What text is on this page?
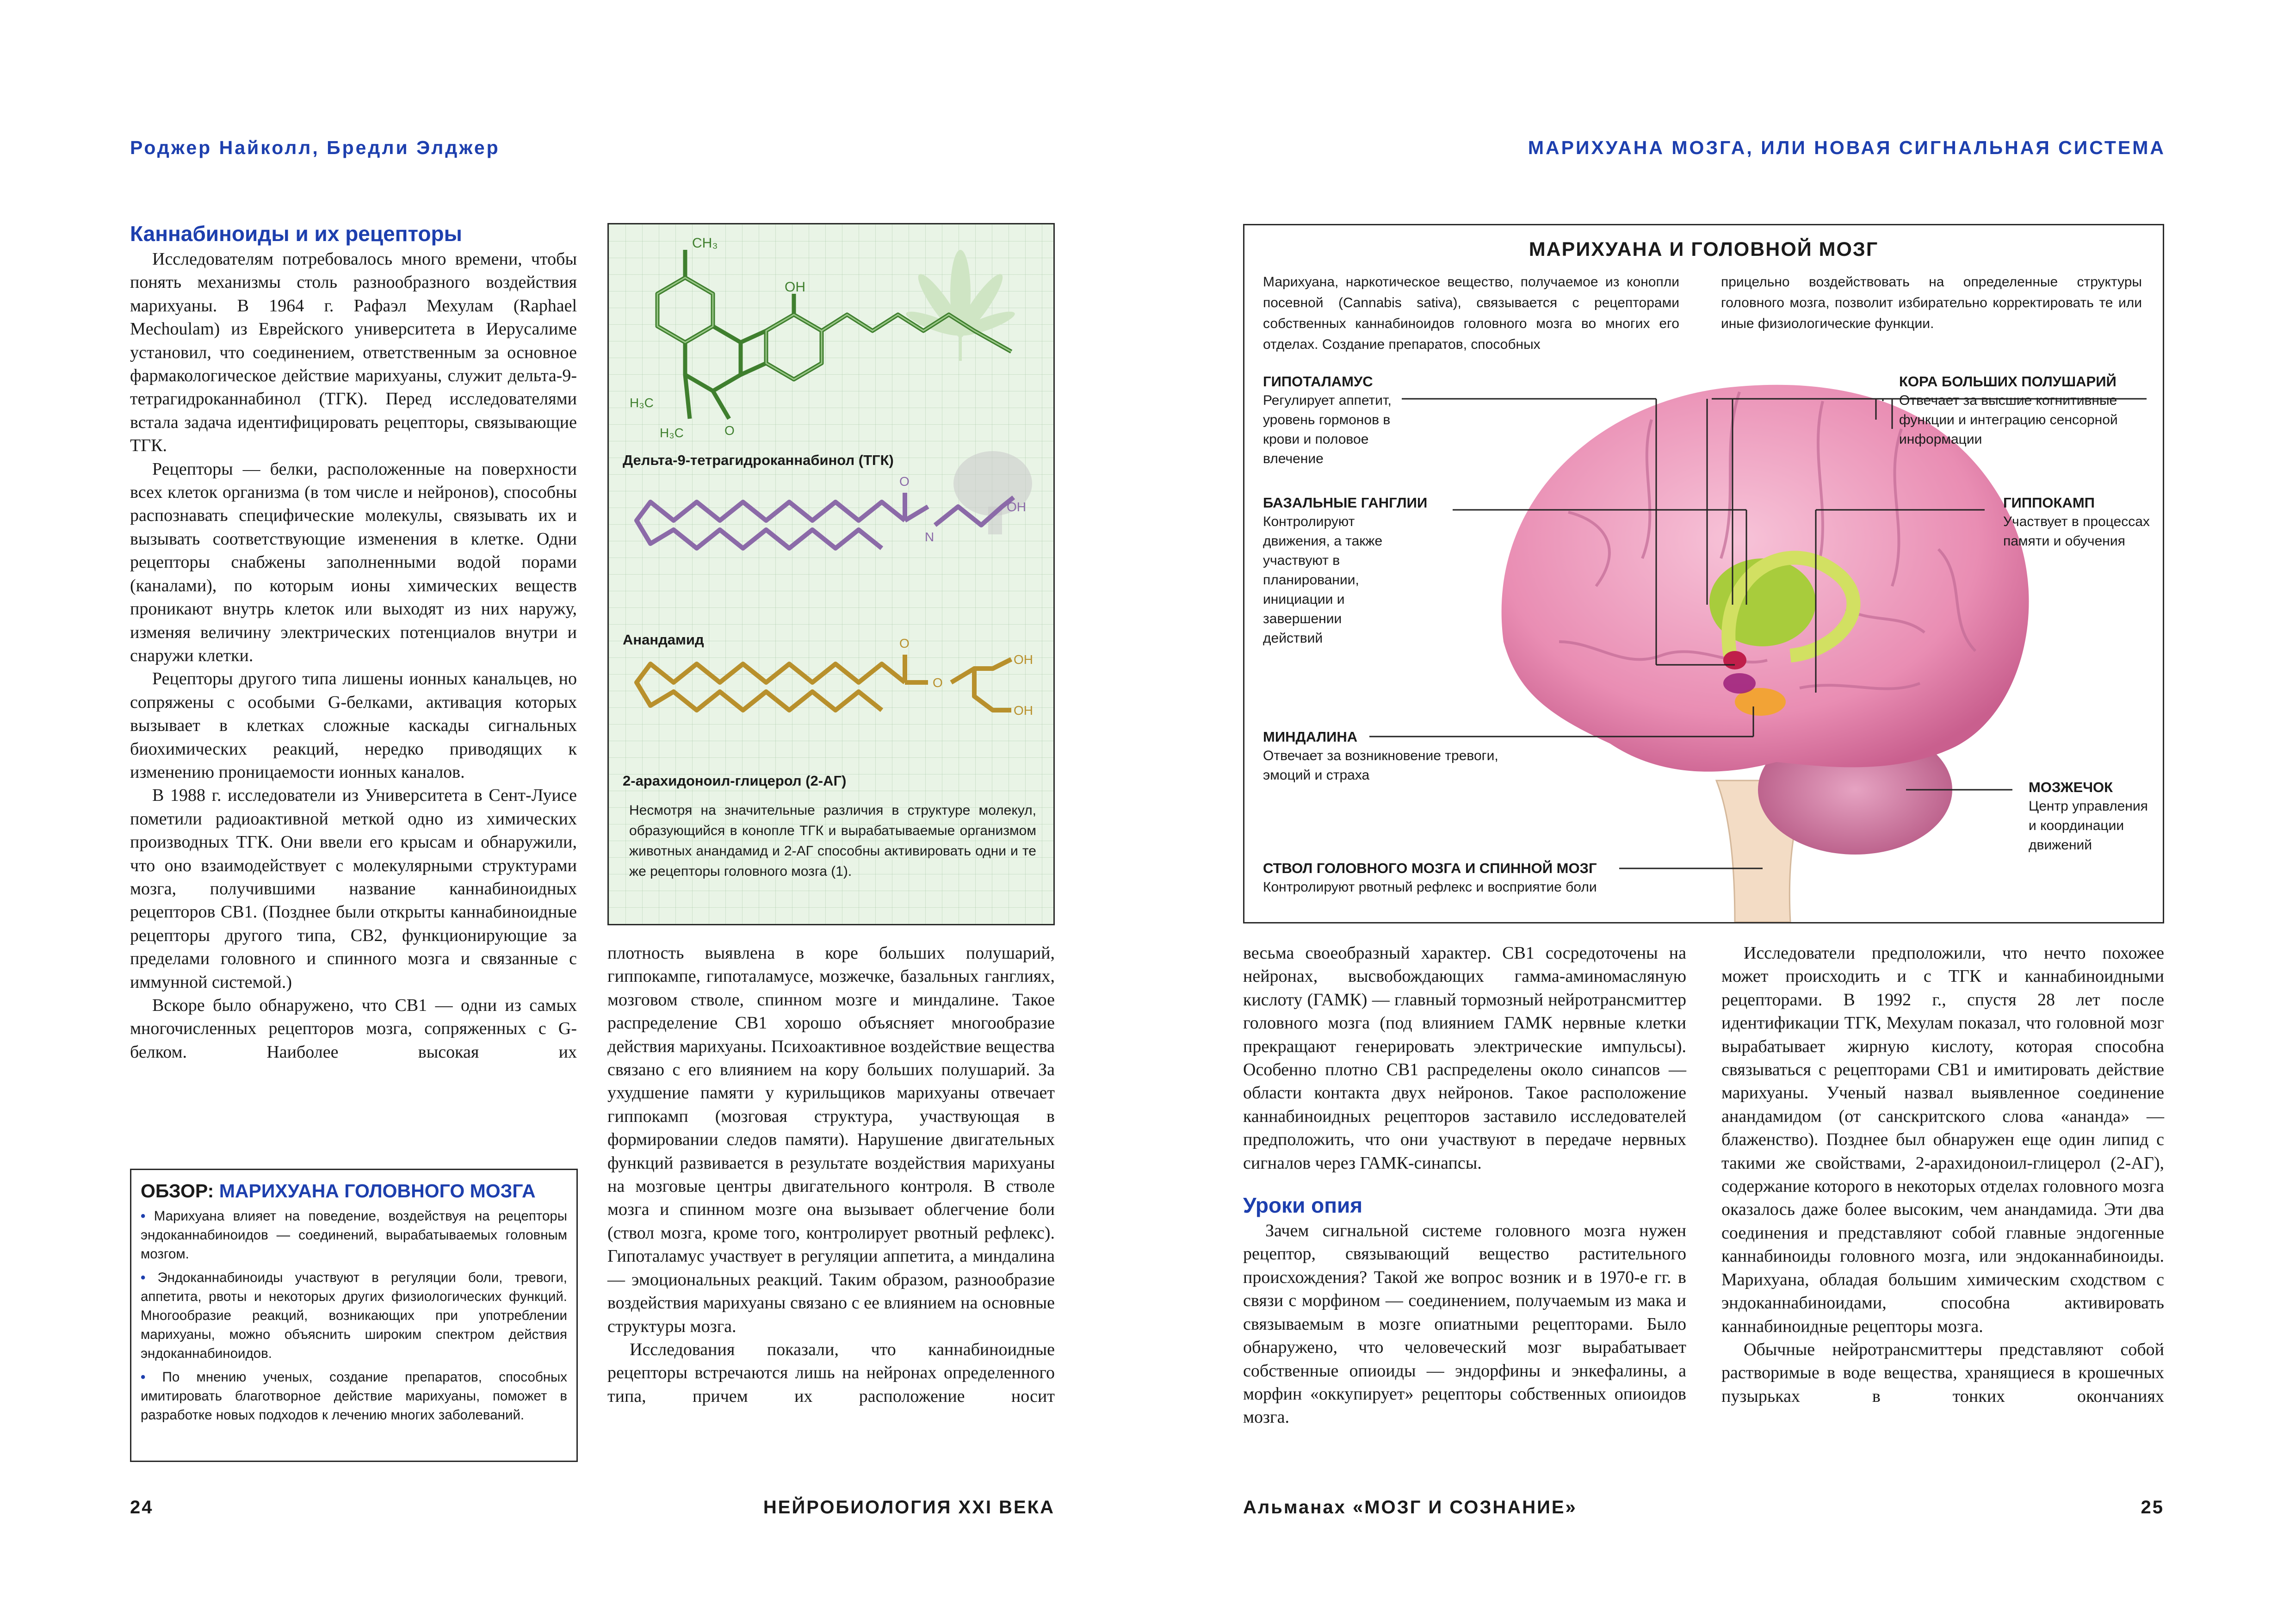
Роджер Найколл, Бредли Элджер	МАРИХУАНА МОЗГА, ИЛИ НОВАЯ СИГНАЛЬНАЯ СИСТЕМА
Каннабиноиды и их рецепторы

Исследователям потребовалось много времени, чтобы понять механизмы столь разнообразного воздействия марихуаны. В 1964 г. Рафаэл Мехулам (Raphael Mechoulam) из Еврейского университета в Иерусалиме установил, что соединением, ответственным за основное фармакологическое действие марихуаны, служит дельта-9-тетрагидроканнабинол (ТГК). Перед исследователями встала задача идентифицировать рецепторы, связывающие ТГК.

Рецепторы — белки, расположенные на поверхности всех клеток организма (в том числе и нейронов), способны распознавать специфические молекулы, связывать их и вызывать соответствующие изменения в клетке. Одни рецепторы снабжены заполненными водой порами (каналами), по которым ионы химических веществ проникают внутрь клеток или выходят из них наружу, изменяя величину электрических потенциалов внутри и снаружи клетки.

Рецепторы другого типа лишены ионных канальцев, но сопряжены с особыми G-белками, активация которых вызывает в клетках сложные каскады сигнальных биохимических реакций, нередко приводящих к изменению проницаемости ионных каналов.

В 1988 г. исследователи из Университета в Сент-Луисе пометили радиоактивной меткой одно из химических производных ТГК. Они ввели его крысам и обнаружили, что оно взаимодействует с молекулярными структурами мозга, получившими название каннабиноидных рецепторов CB1. (Позднее были открыты каннабиноидные рецепторы другого типа, CB2, функционирующие за пределами головного и спинного мозга и связанные с иммунной системой.)

Вскоре было обнаружено, что CB1 — одни из самых многочисленных рецепторов мозга, сопряженных с G-белком. Наиболее высокая их

ОБЗОР: МАРИХУАНА ГОЛОВНОГО МОЗГА
• Марихуана влияет на поведение, воздействуя на рецепторы эндоканнабиноидов — соединений, вырабатываемых головным мозгом.
• Эндоканнабиноиды участвуют в регуляции боли, тревоги, аппетита, рвоты и некоторых других физиологических функций. Многообразие реакций, возникающих при употреблении марихуаны, можно объяснить широким спектром действия эндоканнабиноидов.
• По мнению ученых, создание препаратов, способных имитировать благотворное действие марихуаны, поможет в разработке новых подходов к лечению многих заболеваний.
CH₃
OH
H₃C
H₃C	O
O
N
OH
O
O
OH
OH
Дельта-9-тетрагидроканнабинол (ТГК)
Анандамид
2-арахидоноил-глицерол (2-АГ)
Несмотря на значительные различия в структуре молекул, образующийся в конопле ТГК и вырабатываемые организмом животных анандамид и 2-АГ способны активировать одни и те же рецепторы головного мозга (1).

плотность выявлена в коре больших полушарий, гиппокампе, гипоталамусе, мозжечке, базальных ганглиях, мозговом стволе, спинном мозге и миндалине. Такое распределение CB1 хорошо объясняет многообразие действия марихуаны. Психоактивное воздействие вещества связано с его влиянием на кору больших полушарий. За ухудшение памяти у курильщиков марихуаны отвечает гиппокамп (мозговая структура, участвующая в формировании следов памяти). Нарушение двигательных функций развивается в результате воздействия марихуаны на мозговые центры двигательного контроля. В стволе мозга и спинном мозге она вызывает облегчение боли (ствол мозга, кроме того, контролирует рвотный рефлекс). Гипоталамус участвует в регуляции аппетита, а миндалина — эмоциональных реакций. Таким образом, разнообразие воздействия марихуаны связано с ее влиянием на основные структуры мозга.

Исследования показали, что каннабиноидные рецепторы встречаются лишь на нейронах определенного типа, причем их расположение носит

МАРИХУАНА И ГОЛОВНОЙ МОЗГ
Марихуана, наркотическое вещество, получаемое из конопли посевной (Cannabis sativa), связывается с рецепторами собственных каннабиноидов головного мозга во многих его отделах. Создание препаратов, способных
прицельно воздействовать на определенные структуры головного мозга, позволит избирательно корректировать те или иные физиологические функции.
ГИПОТАЛАМУС
Регулирует аппетит, уровень гормонов в крови и половое влечение
БАЗАЛЬНЫЕ ГАНГЛИИ
Контролируют движения, а также участвуют в планировании, инициации и завершении действий
МИНДАЛИНА
Отвечает за возникновение тревоги, эмоций и страха
СТВОЛ ГОЛОВНОГО МОЗГА И СПИННОЙ МОЗГ
Контролируют рвотный рефлекс и восприятие боли
КОРА БОЛЬШИХ ПОЛУШАРИЙ
Отвечает за высшие когнитивные функции и интеграцию сенсорной информации
ГИППОКАМП
Участвует в процессах памяти и обучения
МОЗЖЕЧОК
Центр управления и координации движений

весьма своеобразный характер. CB1 сосредоточены на нейронах, высвобождающих гамма-аминомасляную кислоту (ГАМК) — главный тормозный нейротрансмиттер головного мозга (под влиянием ГАМК нервные клетки прекращают генерировать электрические импульсы). Особенно плотно CB1 распределены около синапсов — области контакта двух нейронов. Такое расположение каннабиноидных рецепторов заставило исследователей предположить, что они участвуют в передаче нервных сигналов через ГАМК-синапсы.

Уроки опия

Зачем сигнальной системе головного мозга нужен рецептор, связывающий вещество растительного происхождения? Такой же вопрос возник и в 1970-е гг. в связи с морфином — соединением, получаемым из мака и связываемым в мозге опиатными рецепторами. Было обнаружено, что человеческий мозг вырабатывает собственные опиоиды — эндорфины и энкефалины, а морфин «оккупирует» рецепторы собственных опиоидов мозга.

Исследователи предположили, что нечто похожее может происходить и с ТГК и каннабиноидными рецепторами. В 1992 г., спустя 28 лет после идентификации ТГК, Мехулам показал, что головной мозг вырабатывает жирную кислоту, которая способна связываться с рецепторами CB1 и имитировать действие марихуаны. Ученый назвал выявленное соединение анандамидом (от санскритского слова «ананда» — блаженство). Позднее был обнаружен еще один липид с такими же свойствами, 2-арахидоноил-глицерол (2-АГ), содержание которого в некоторых отделах головного мозга оказалось даже более высоким, чем анандамида. Эти два соединения и представляют собой главные эндогенные каннабиноиды головного мозга, или эндоканнабиноиды. Марихуана, обладая большим химическим сходством с эндоканнабиноидами, способна активировать каннабиноидные рецепторы мозга.

Обычные нейротрансмиттеры представляют собой растворимые в воде вещества, хранящиеся в крошечных пузырьках в тонких окончаниях

24	НЕЙРОБИОЛОГИЯ XXI ВЕКА	Альманах «МОЗГ И СОЗНАНИЕ»	25
